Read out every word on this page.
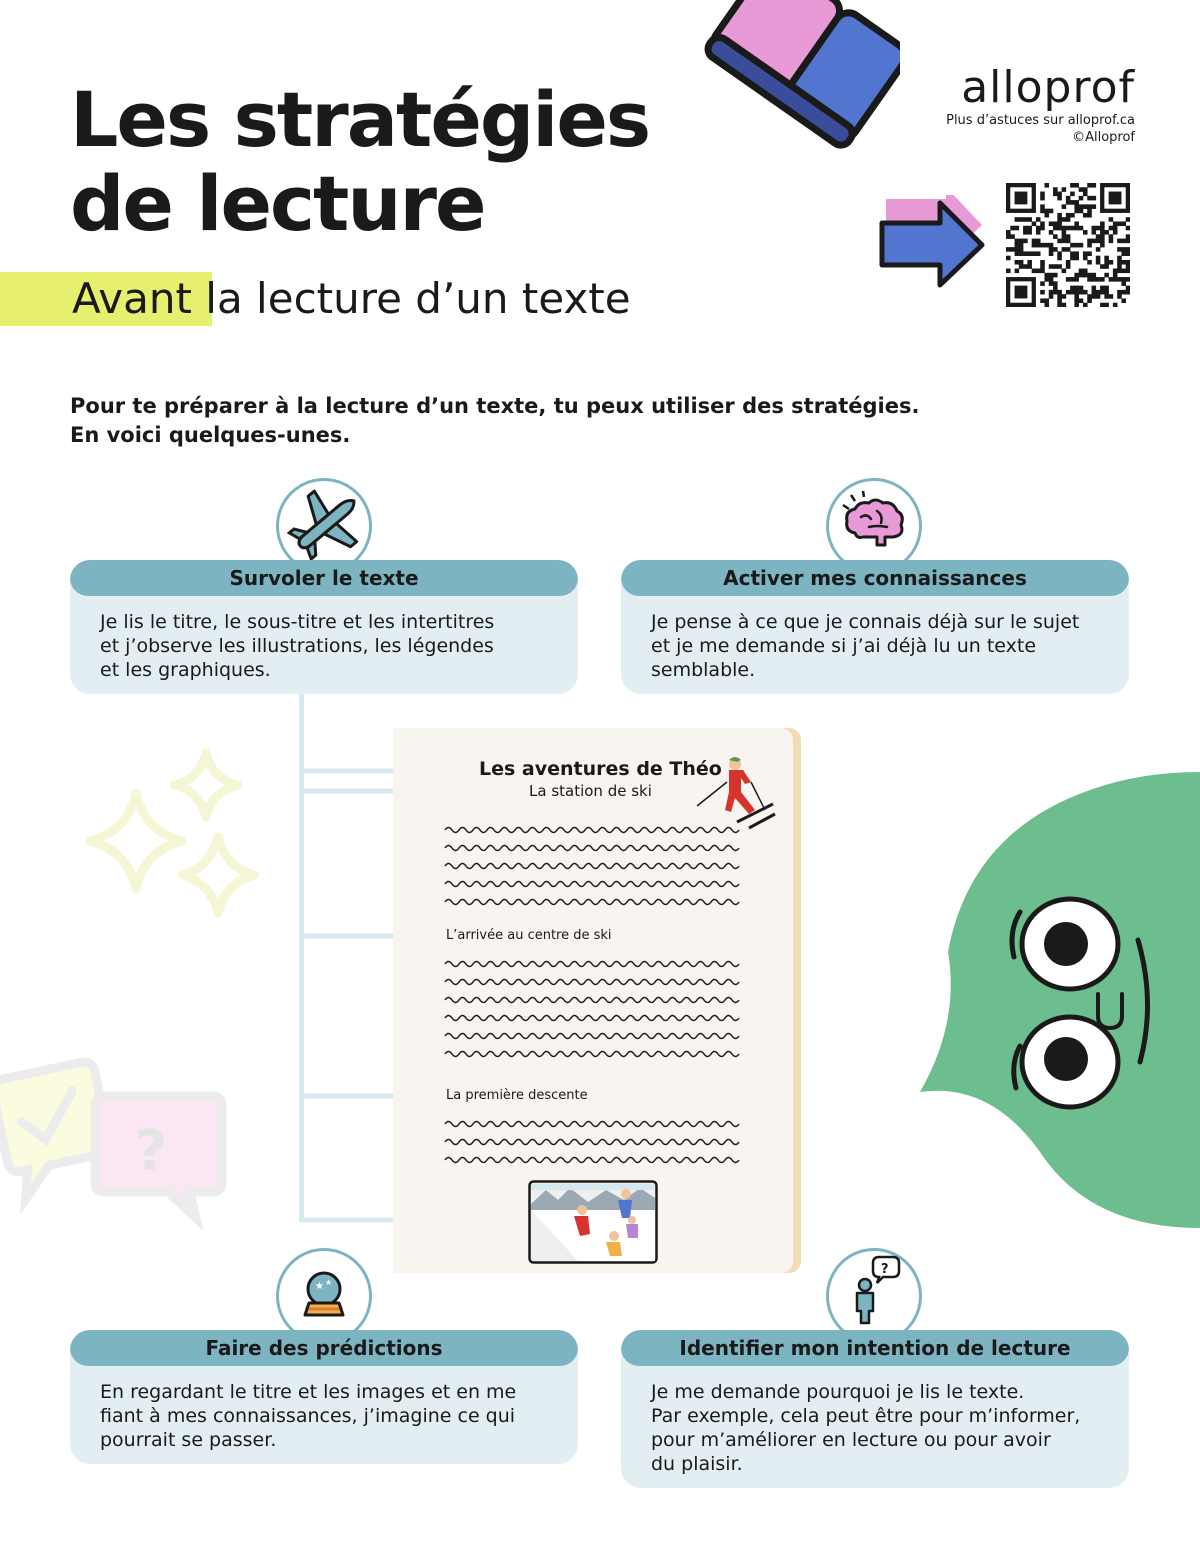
Les stratégies
de lecture
Avant la lecture d’un texte
alloprof
Plus d’astuces sur alloprof.ca
©Alloprof
Pour te préparer à la lecture d’un texte, tu peux utiliser des stratégies.
En voici quelques-unes.
?
Les aventures de Théo
La station de ski
L’arrivée au centre de ski
La première descente
Survoler le texte
Je lis le titre, le sous-titre et les intertitres
et j’observe les illustrations, les légendes
et les graphiques.
Activer mes connaissances
Je pense à ce que je connais déjà sur le sujet
et je me demande si j’ai déjà lu un texte
semblable.
★ ★
Faire des prédictions
En regardant le titre et les images et en me
fiant à mes connaissances, j’imagine ce qui
pourrait se passer.
?
Identifier mon intention de lecture
Je me demande pourquoi je lis le texte.
Par exemple, cela peut être pour m’informer,
pour m’améliorer en lecture ou pour avoir
du plaisir.
